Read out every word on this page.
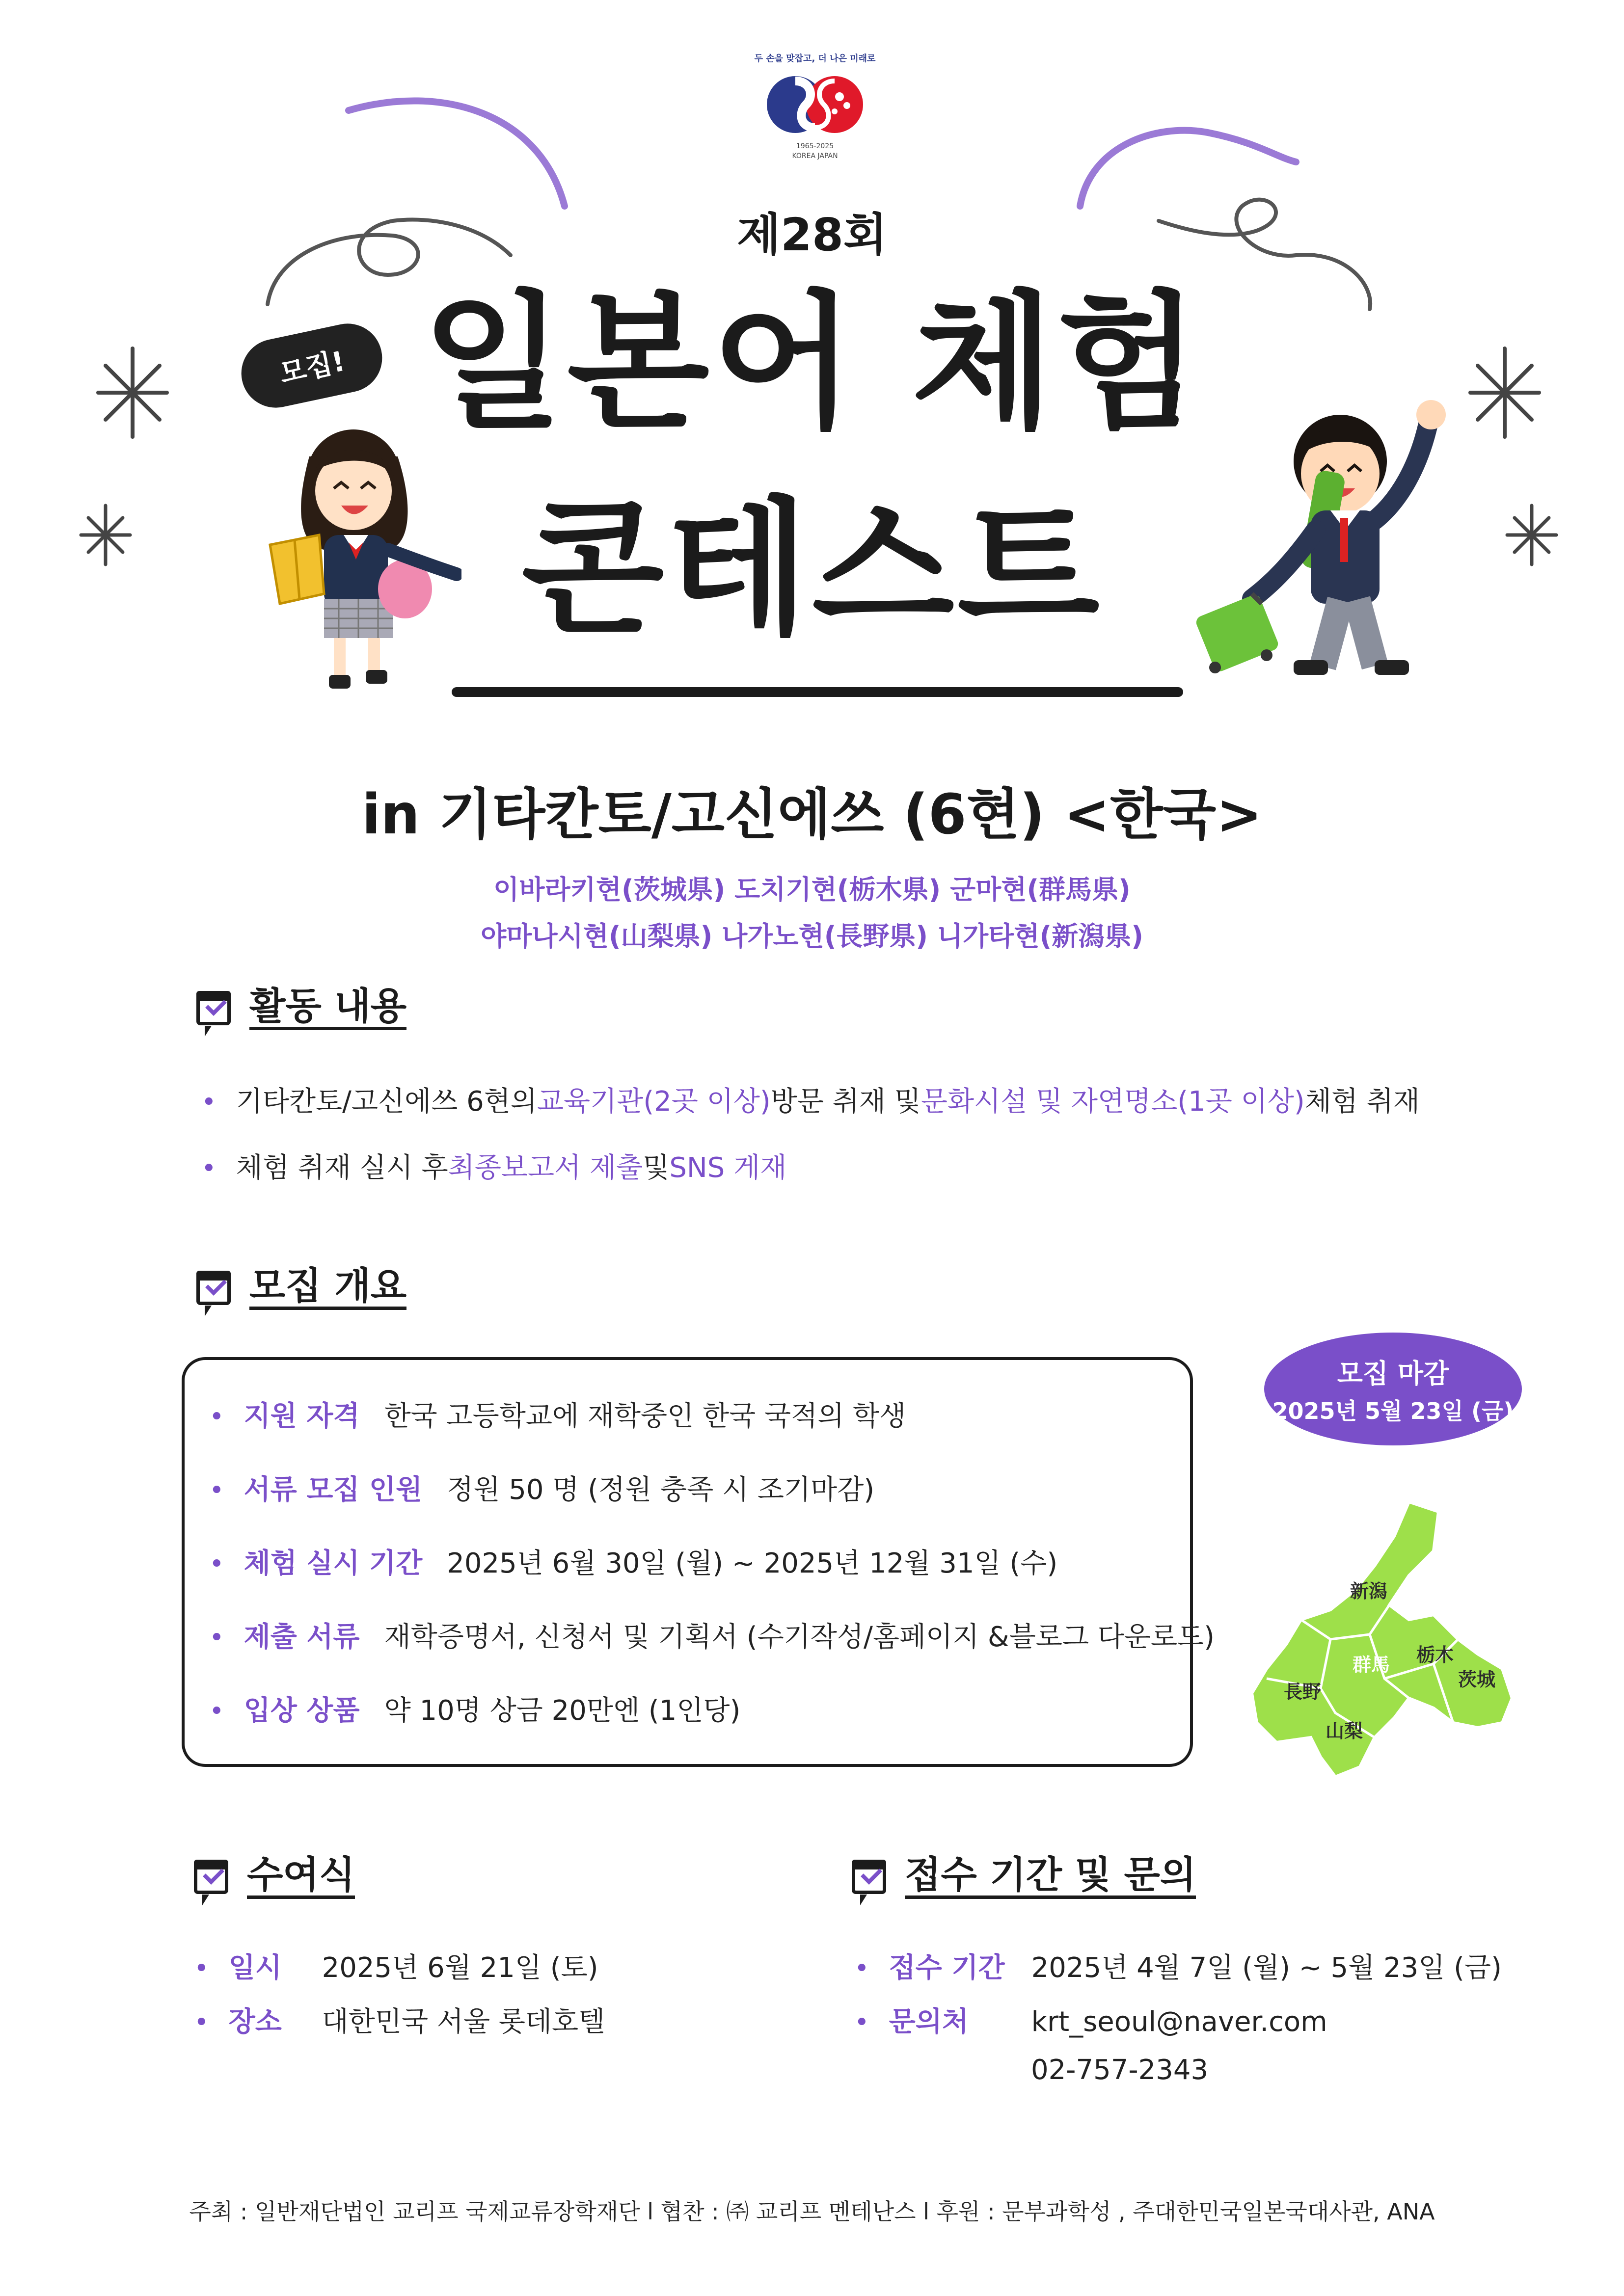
두 손을 맞잡고, 더 나은 미래로
1965-2025
KOREA JAPAN
모집!
제28회
일본어 체험
콘테스트
in 기타칸토/고신에쓰 (6현) <한국>
이바라키현(茨城県) 도치기현(栃木県) 군마현(群馬県)
야마나시현(山梨県) 나가노현(長野県) 니가타현(新潟県)
활동 내용
• 기타칸토/고신에쓰 6현의 교육기관(2곳 이상) 방문 취재 및 문화시설 및 자연명소(1곳 이상) 체험 취재
• 체험 취재 실시 후 최종보고서 제출 및 SNS 게재
모집 개요
• 지원 자격 한국 고등학교에 재학중인 한국 국적의 학생
• 서류 모집 인원 정원 50 명 (정원 충족 시 조기마감)
• 체험 실시 기간 2025년 6월 30일 (월) ~ 2025년 12월 31일 (수)
• 제출 서류 재학증명서, 신청서 및 기획서 (수기작성/홈페이지 &블로그 다운로드)
• 입상 상품 약 10명 상금 20만엔 (1인당)
모집 마감
2025년 5월 23일 (금)
新潟
群馬 栃木
茨城
長野
山梨
수여식
• 일시	2025년 6월 21일 (토)
• 장소	대한민국 서울 롯데호텔
접수 기간 및 문의
• 접수 기간 2025년 4월 7일 (월) ~ 5월 23일 (금)
• 문의처	krt_seoul@naver.com
02-757-2343
주최 : 일반재단법인 교리프 국제교류장학재단 l 협찬 : ㈜ 교리프 멘테난스 l 후원 : 문부과학성 , 주대한민국일본국대사관, ANA
